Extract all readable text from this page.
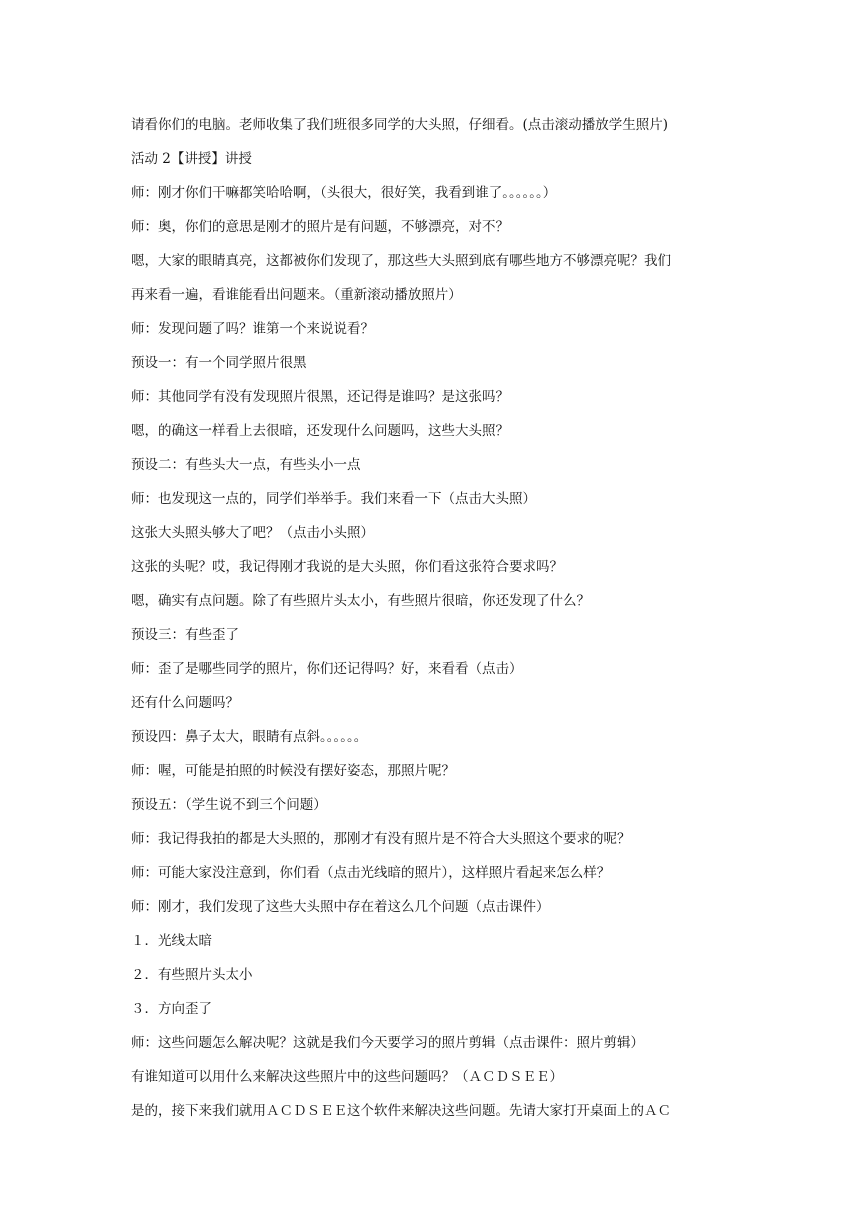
请看你们的电脑。老师收集了我们班很多同学的大头照，仔细看。(点击滚动播放学生照片)
活动 2【讲授】讲授
师：刚才你们干嘛都笑哈哈啊，（头很大，很好笑，我看到谁了。。。。。。）
师：奥，你们的意思是刚才的照片是有问题，不够漂亮，对不？
嗯，大家的眼睛真亮，这都被你们发现了，那这些大头照到底有哪些地方不够漂亮呢？我们
再来看一遍，看谁能看出问题来。（重新滚动播放照片）
师：发现问题了吗？谁第一个来说说看？
预设一：有一个同学照片很黑
师：其他同学有没有发现照片很黑，还记得是谁吗？是这张吗？
嗯，的确这一样看上去很暗，还发现什么问题吗，这些大头照？
预设二：有些头大一点，有些头小一点
师：也发现这一点的，同学们举举手。我们来看一下（点击大头照）
这张大头照头够大了吧？（点击小头照）
这张的头呢？哎，我记得刚才我说的是大头照，你们看这张符合要求吗？
嗯，确实有点问题。除了有些照片头太小，有些照片很暗，你还发现了什么？
预设三：有些歪了
师：歪了是哪些同学的照片，你们还记得吗？好，来看看（点击）
还有什么问题吗？
预设四：鼻子太大，眼睛有点斜。。。。。。
师：喔，可能是拍照的时候没有摆好姿态，那照片呢？
预设五：（学生说不到三个问题）
师：我记得我拍的都是大头照的，那刚才有没有照片是不符合大头照这个要求的呢？
师：可能大家没注意到，你们看（点击光线暗的照片），这样照片看起来怎么样？
师：刚才，我们发现了这些大头照中存在着这么几个问题（点击课件）
１．光线太暗
２．有些照片头太小
３．方向歪了
师：这些问题怎么解决呢？这就是我们今天要学习的照片剪辑（点击课件：照片剪辑）
有谁知道可以用什么来解决这些照片中的这些问题吗？（ＡＣＤＳＥＥ）
是的，接下来我们就用ＡＣＤＳＥＥ这个软件来解决这些问题。先请大家打开桌面上的ＡＣ
